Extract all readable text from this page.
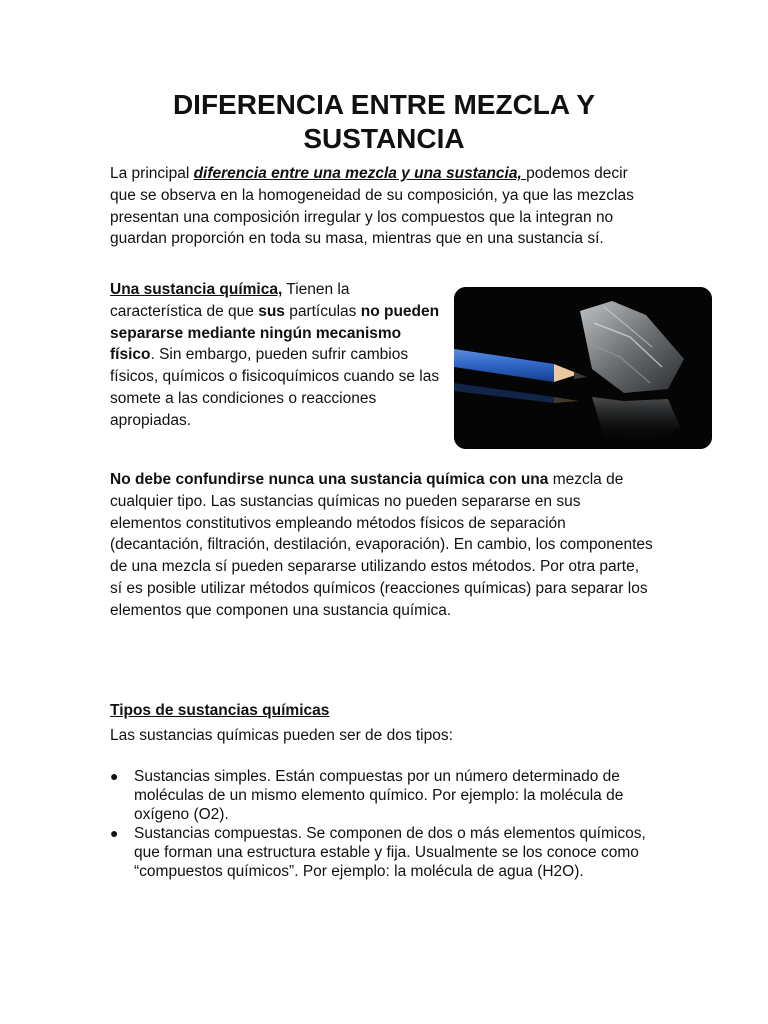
DIFERENCIA ENTRE MEZCLA Y SUSTANCIA

La principal diferencia entre una mezcla y una sustancia, podemos decir que se observa en la homogeneidad de su composición, ya que las mezclas presentan una composición irregular y los compuestos que la integran no guardan proporción en toda su masa, mientras que en una sustancia sí.

Una sustancia química, Tienen la característica de que sus partículas no pueden separarse mediante ningún mecanismo físico. Sin embargo, pueden sufrir cambios físicos, químicos o fisicoquímicos cuando se las somete a las condiciones o reacciones apropiadas.

No debe confundirse nunca una sustancia química con una mezcla de cualquier tipo. Las sustancias químicas no pueden separarse en sus elementos constitutivos empleando métodos físicos de separación (decantación, filtración, destilación, evaporación). En cambio, los componentes de una mezcla sí pueden separarse utilizando estos métodos. Por otra parte, sí es posible utilizar métodos químicos (reacciones químicas) para separar los elementos que componen una sustancia química.

Tipos de sustancias químicas

Las sustancias químicas pueden ser de dos tipos:

● Sustancias simples. Están compuestas por un número determinado de moléculas de un mismo elemento químico. Por ejemplo: la molécula de oxígeno (O2).
● Sustancias compuestas. Se componen de dos o más elementos químicos, que forman una estructura estable y fija. Usualmente se los conoce como “compuestos químicos”. Por ejemplo: la molécula de agua (H2O).
